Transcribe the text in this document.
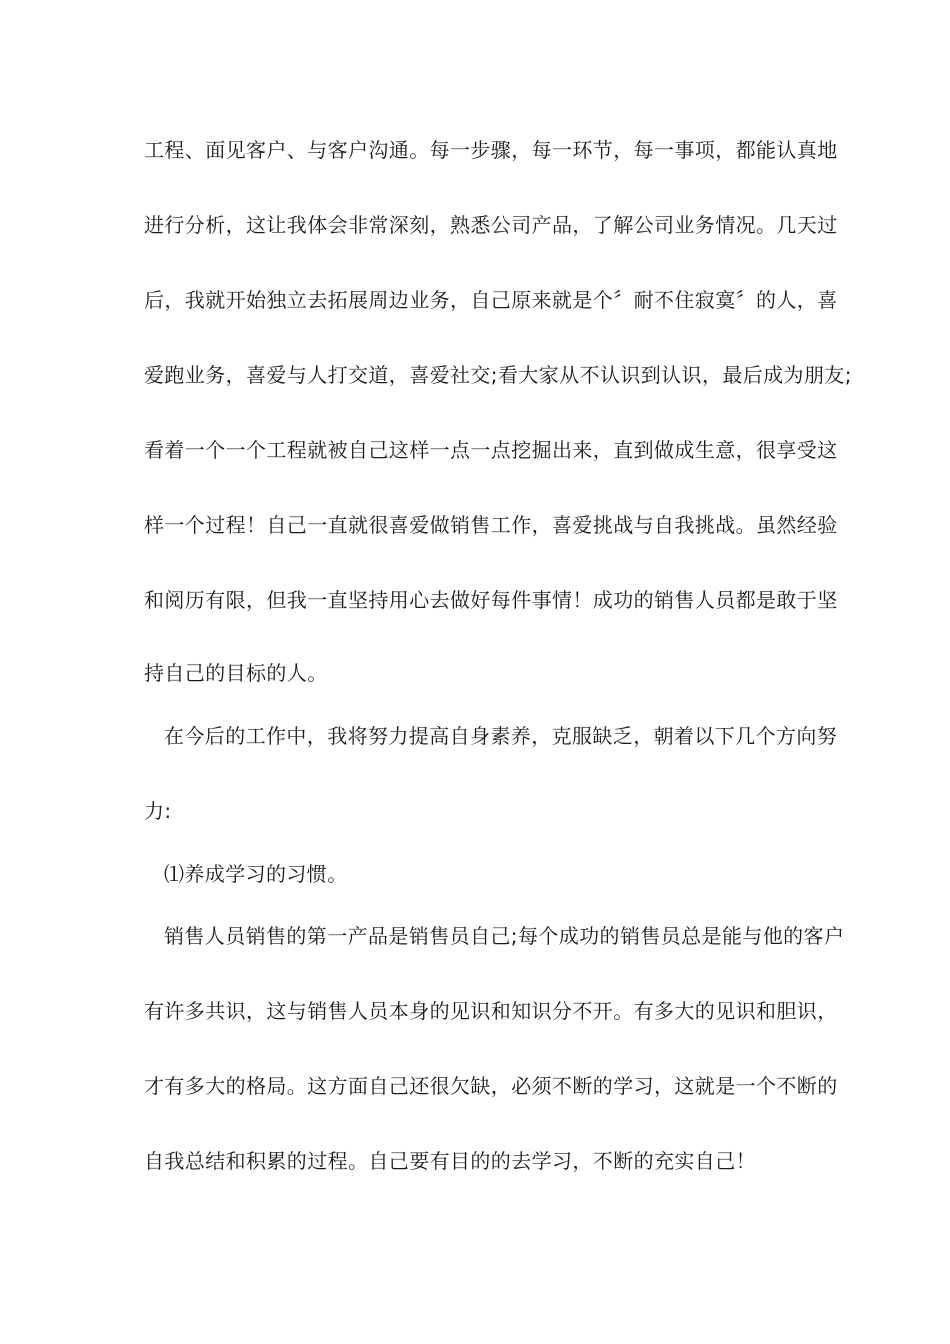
工程、面见客户、与客户沟通。每一步骤，每一环节，每一事项，都能认真地

进行分析，这让我体会非常深刻，熟悉公司产品，了解公司业务情况。几天过

后，我就开始独立去拓展周边业务，自己原来就是个〞耐不住寂寞〞的人，喜

爱跑业务，喜爱与人打交道，喜爱社交;看大家从不认识到认识，最后成为朋友;

看着一个一个工程就被自己这样一点一点挖掘出来，直到做成生意，很享受这

样一个过程！自己一直就很喜爱做销售工作，喜爱挑战与自我挑战。虽然经验

和阅历有限，但我一直坚持用心去做好每件事情！成功的销售人员都是敢于坚

持自己的目标的人。

在今后的工作中，我将努力提高自身素养，克服缺乏，朝着以下几个方向努

力:

⑴养成学习的习惯。

销售人员销售的第一产品是销售员自己;每个成功的销售员总是能与他的客户

有许多共识，这与销售人员本身的见识和知识分不开。有多大的见识和胆识，

才有多大的格局。这方面自己还很欠缺，必须不断的学习，这就是一个不断的

自我总结和积累的过程。自己要有目的的去学习，不断的充实自己！
